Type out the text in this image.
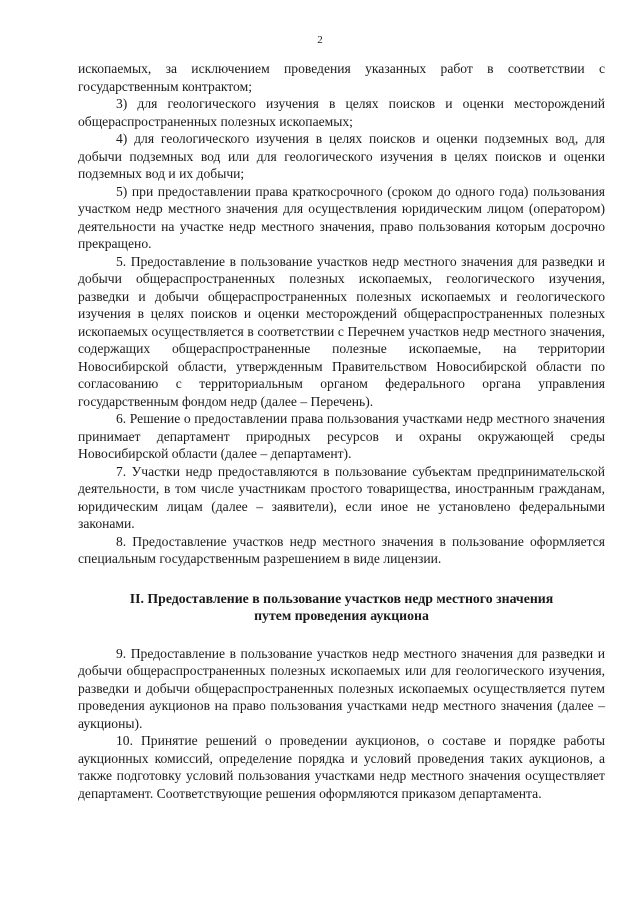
2

ископаемых, за исключением проведения указанных работ в соответствии с государственным контрактом;

3) для геологического изучения в целях поисков и оценки месторождений общераспространенных полезных ископаемых;

4) для геологического изучения в целях поисков и оценки подземных вод, для добычи подземных вод или для геологического изучения в целях поисков и оценки подземных вод и их добычи;

5) при предоставлении права краткосрочного (сроком до одного года) пользования участком недр местного значения для осуществления юридическим лицом (оператором) деятельности на участке недр местного значения, право пользования которым досрочно прекращено.

5. Предоставление в пользование участков недр местного значения для разведки и добычи общераспространенных полезных ископаемых, геологического изучения, разведки и добычи общераспространенных полезных ископаемых и геологического изучения в целях поисков и оценки месторождений общераспространенных полезных ископаемых осуществляется в соответствии с Перечнем участков недр местного значения, содержащих общераспространенные полезные ископаемые, на территории Новосибирской области, утвержденным Правительством Новосибирской области по согласованию с территориальным органом федерального органа управления государственным фондом недр (далее – Перечень).

6. Решение о предоставлении права пользования участками недр местного значения принимает департамент природных ресурсов и охраны окружающей среды Новосибирской области (далее – департамент).

7. Участки недр предоставляются в пользование субъектам предпринимательской деятельности, в том числе участникам простого товарищества, иностранным гражданам, юридическим лицам (далее – заявители), если иное не установлено федеральными законами.

8. Предоставление участков недр местного значения в пользование оформляется специальным государственным разрешением в виде лицензии.

II. Предоставление в пользование участков недр местного значения
путем проведения аукциона

9. Предоставление в пользование участков недр местного значения для разведки и добычи общераспространенных полезных ископаемых или для геологического изучения, разведки и добычи общераспространенных полезных ископаемых осуществляется путем проведения аукционов на право пользования участками недр местного значения (далее – аукционы).

10. Принятие решений о проведении аукционов, о составе и порядке работы аукционных комиссий, определение порядка и условий проведения таких аукционов, а также подготовку условий пользования участками недр местного значения осуществляет департамент. Соответствующие решения оформляются приказом департамента.
